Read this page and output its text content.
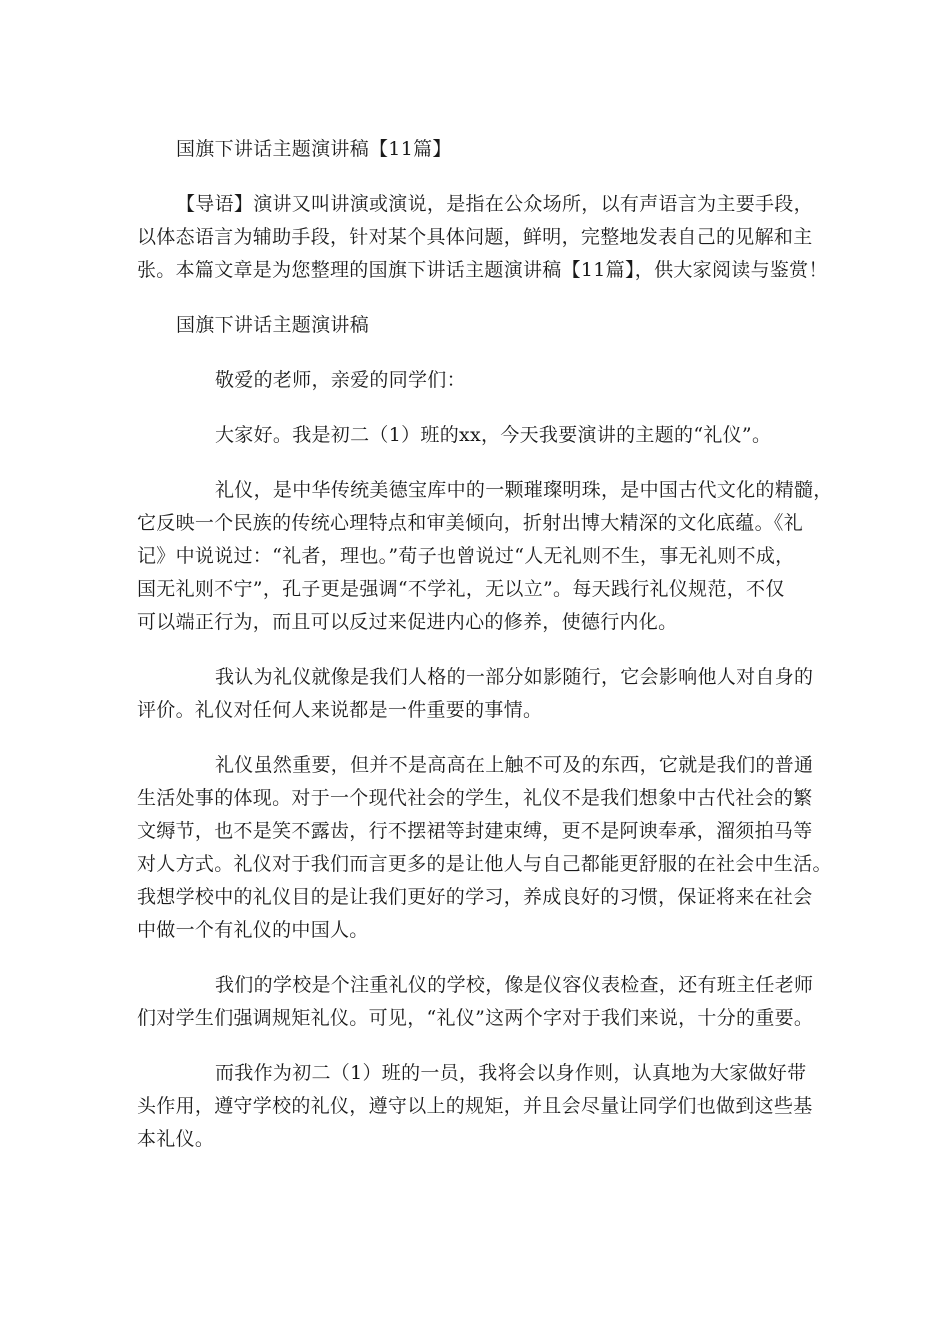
国旗下讲话主题演讲稿【11篇】
【导语】演讲又叫讲演或演说，是指在公众场所，以有声语言为主要手段，
以体态语言为辅助手段，针对某个具体问题，鲜明，完整地发表自己的见解和主
张。本篇文章是为您整理的国旗下讲话主题演讲稿【11篇】，供大家阅读与鉴赏！
国旗下讲话主题演讲稿
敬爱的老师，亲爱的同学们：
大家好。我是初二（1）班的xx，今天我要演讲的主题的“礼仪”。
礼仪，是中华传统美德宝库中的一颗璀璨明珠，是中国古代文化的精髓，
它反映一个民族的传统心理特点和审美倾向，折射出博大精深的文化底蕴。《礼
记》中说说过：“礼者，理也。”荀子也曾说过“人无礼则不生，事无礼则不成，
国无礼则不宁”，孔子更是强调“不学礼，无以立”。每天践行礼仪规范，不仅
可以端正行为，而且可以反过来促进内心的修养，使德行内化。
我认为礼仪就像是我们人格的一部分如影随行，它会影响他人对自身的
评价。礼仪对任何人来说都是一件重要的事情。
礼仪虽然重要，但并不是高高在上触不可及的东西，它就是我们的普通
生活处事的体现。对于一个现代社会的学生，礼仪不是我们想象中古代社会的繁
文缛节，也不是笑不露齿，行不摆裙等封建束缚，更不是阿谀奉承，溜须拍马等
对人方式。礼仪对于我们而言更多的是让他人与自己都能更舒服的在社会中生活。
我想学校中的礼仪目的是让我们更好的学习，养成良好的习惯，保证将来在社会
中做一个有礼仪的中国人。
我们的学校是个注重礼仪的学校，像是仪容仪表检查，还有班主任老师
们对学生们强调规矩礼仪。可见，“礼仪”这两个字对于我们来说，十分的重要。
而我作为初二（1）班的一员，我将会以身作则，认真地为大家做好带
头作用，遵守学校的礼仪，遵守以上的规矩，并且会尽量让同学们也做到这些基
本礼仪。
